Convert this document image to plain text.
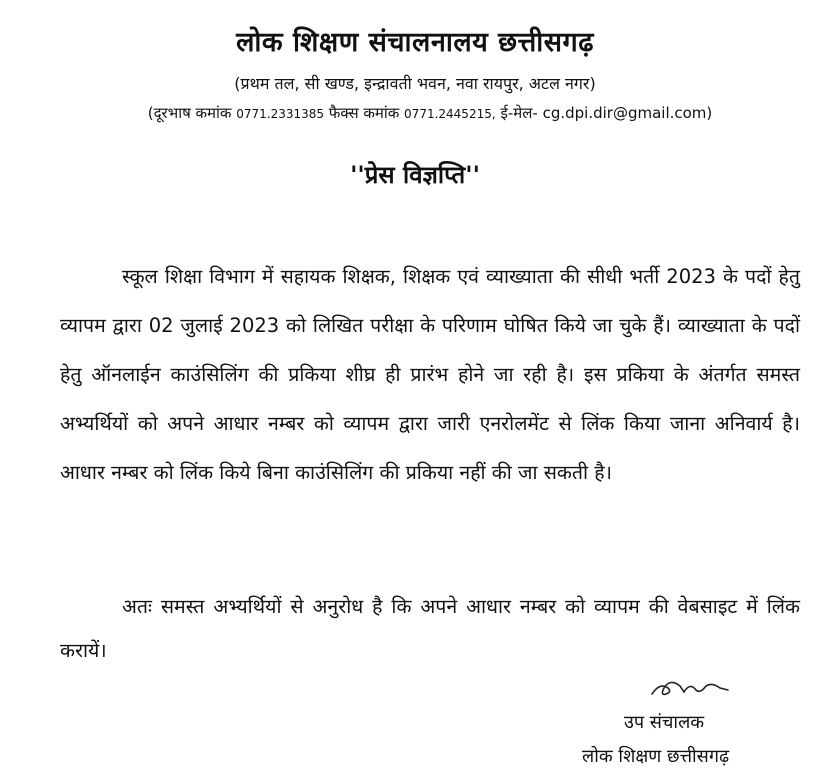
लोक शिक्षण संचालनालय छत्तीसगढ़
(प्रथम तल, सी खण्ड, इन्द्रावती भवन, नवा रायपुर, अटल नगर)
(दूरभाष कमांक 0771.2331385 फैक्स कमांक 0771.2445215, ई-मेल- cg.dpi.dir@gmail.com)
''प्रेस विज्ञप्ति''
स्कूल शिक्षा विभाग में सहायक शिक्षक, शिक्षक एवं व्याख्याता की सीधी भर्ती 2023 के पदों हेतु व्यापम द्वारा 02 जुलाई 2023 को लिखित परीक्षा के परिणाम घोषित किये जा चुके हैं। व्याख्याता के पदों हेतु ऑनलाईन काउंसिलिंग की प्रकिया शीघ्र ही प्रारंभ होने जा रही है। इस प्रकिया के अंतर्गत समस्त अभ्यर्थियों को अपने आधार नम्बर को व्यापम द्वारा जारी एनरोलमेंट से लिंक किया जाना अनिवार्य है। आधार नम्बर को लिंक किये बिना काउंसिलिंग की प्रकिया नहीं की जा सकती है।
अतः समस्त अभ्यर्थियों से अनुरोध है कि अपने आधार नम्बर को व्यापम की वेबसाइट में लिंक करायें।
उप संचालक
लोक शिक्षण छत्तीसगढ़
